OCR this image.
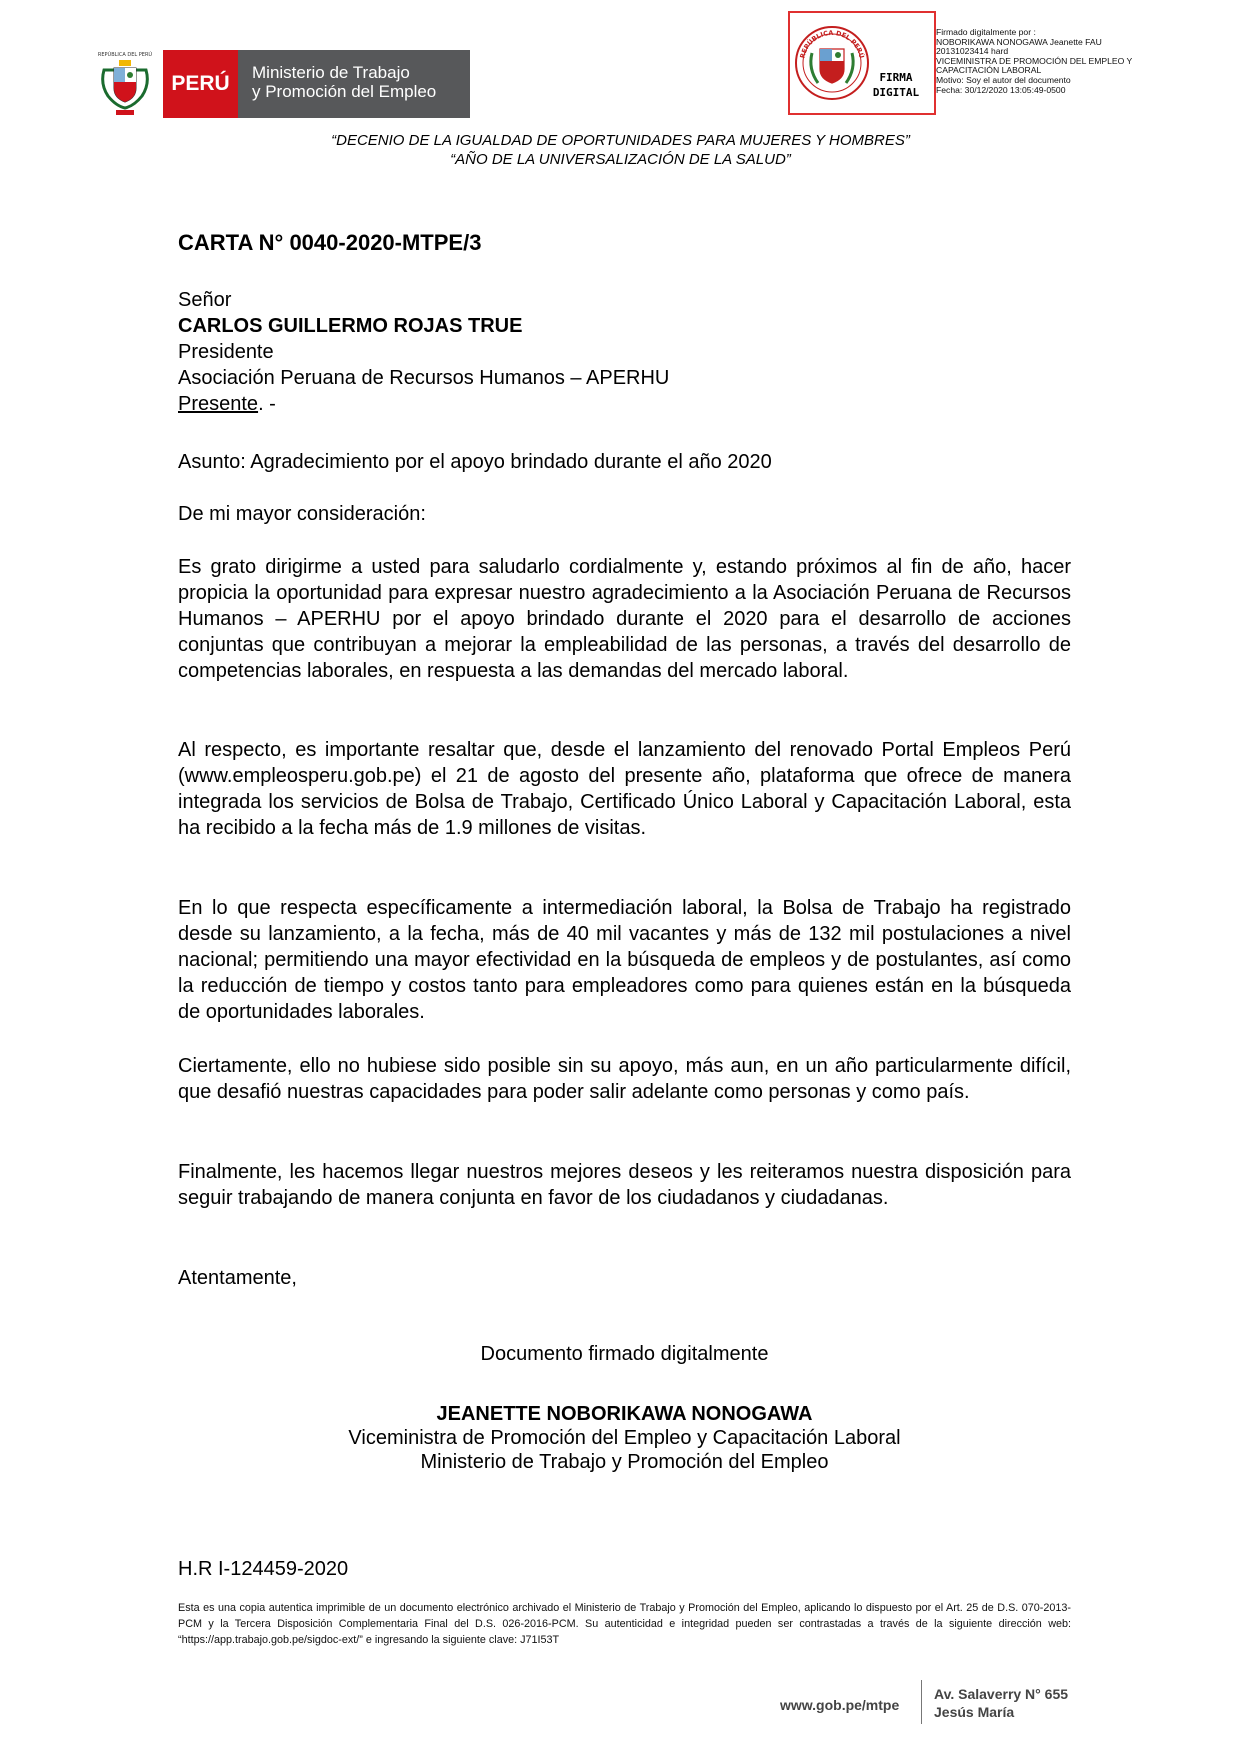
REPÚBLICA DEL PERÚ
PERÚ	Ministerio de Trabajo
y Promoción del Empleo
REPÚBLICA DEL PERÚ
FIRMA
DIGITAL
Firmado digitalmente por :
NOBORIKAWA NONOGAWA Jeanette FAU
20131023414 hard
VICEMINISTRA DE PROMOCIÓN DEL EMPLEO Y
CAPACITACIÓN LABORAL
Motivo: Soy el autor del documento
Fecha: 30/12/2020 13:05:49-0500
“DECENIO DE LA IGUALDAD DE OPORTUNIDADES PARA MUJERES Y HOMBRES”
“AÑO DE LA UNIVERSALIZACIÓN DE LA SALUD”
CARTA N° 0040-2020-MTPE/3
Señor
CARLOS GUILLERMO ROJAS TRUE
Presidente
Asociación Peruana de Recursos Humanos – APERHU
Presente. -
Asunto: Agradecimiento por el apoyo brindado durante el año 2020
De mi mayor consideración:
Es grato dirigirme a usted para saludarlo cordialmente y, estando próximos al fin de año, hacer propicia la oportunidad para expresar nuestro agradecimiento a la Asociación Peruana de Recursos Humanos – APERHU por el apoyo brindado durante el 2020 para el desarrollo de acciones conjuntas que contribuyan a mejorar la empleabilidad de las personas, a través del desarrollo de competencias laborales, en respuesta a las demandas del mercado laboral.
Al respecto, es importante resaltar que, desde el lanzamiento del renovado Portal Empleos Perú (www.empleosperu.gob.pe) el 21 de agosto del presente año, plataforma que ofrece de manera integrada los servicios de Bolsa de Trabajo, Certificado Único Laboral y Capacitación Laboral, esta ha recibido a la fecha más de 1.9 millones de visitas.
En lo que respecta específicamente a intermediación laboral, la Bolsa de Trabajo ha registrado desde su lanzamiento, a la fecha, más de 40 mil vacantes y más de 132 mil postulaciones a nivel nacional; permitiendo una mayor efectividad en la búsqueda de empleos y de postulantes, así como la reducción de tiempo y costos tanto para empleadores como para quienes están en la búsqueda de oportunidades laborales.
Ciertamente, ello no hubiese sido posible sin su apoyo, más aun, en un año particularmente difícil, que desafió nuestras capacidades para poder salir adelante como personas y como país.
Finalmente, les hacemos llegar nuestros mejores deseos y les reiteramos nuestra disposición para seguir trabajando de manera conjunta en favor de los ciudadanos y ciudadanas.
Atentamente,
Documento firmado digitalmente
JEANETTE NOBORIKAWA NONOGAWA
Viceministra de Promoción del Empleo y Capacitación Laboral
Ministerio de Trabajo y Promoción del Empleo
H.R I-124459-2020
Esta es una copia autentica imprimible de un documento electrónico archivado el Ministerio de Trabajo y Promoción del Empleo, aplicando lo dispuesto por el Art. 25 de D.S. 070-2013-PCM y la Tercera Disposición Complementaria Final del D.S. 026-2016-PCM. Su autenticidad e integridad pueden ser contrastadas a través de la siguiente dirección web: “https://app.trabajo.gob.pe/sigdoc-ext/” e ingresando la siguiente clave: J71I53T
www.gob.pe/mtpe
Av. Salaverry N° 655
Jesús María
